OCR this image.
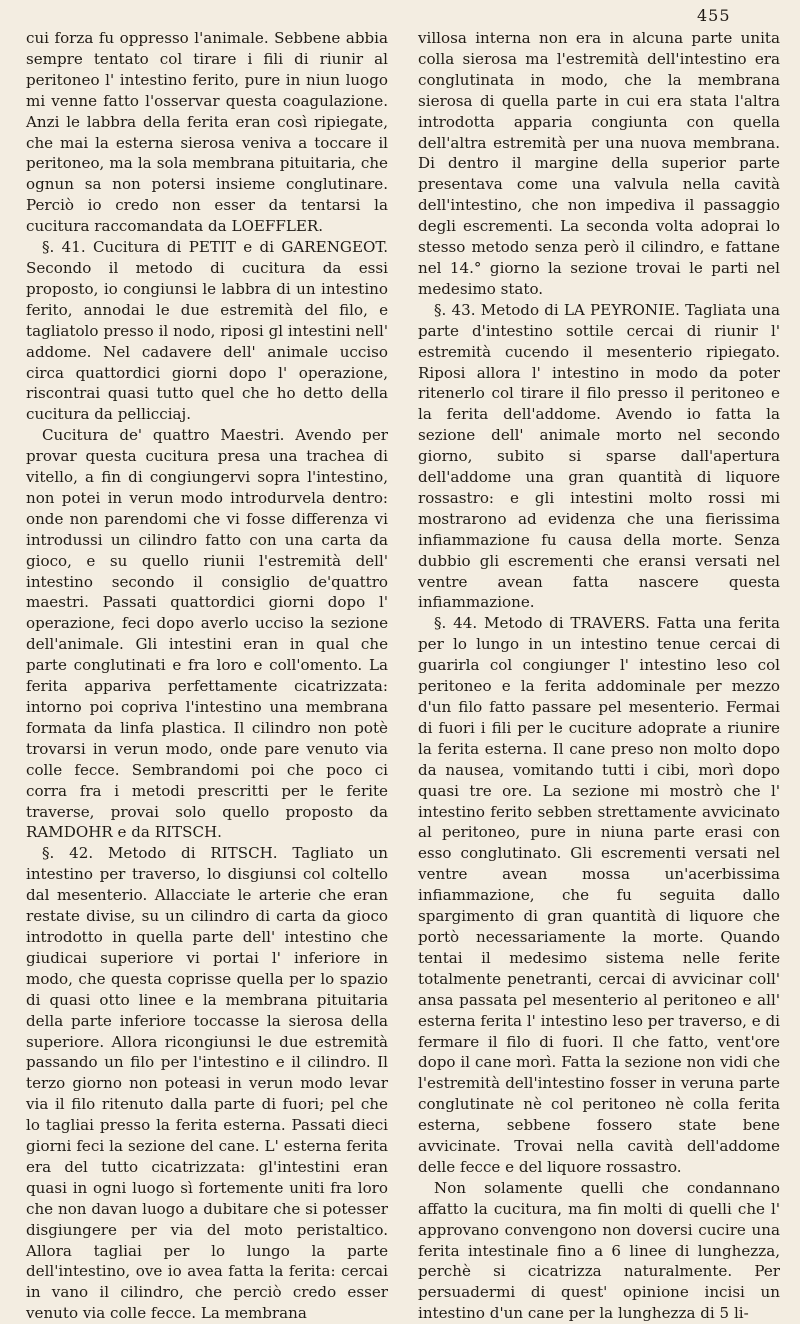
455

cui forza fu oppresso l'animale. Sebbene abbia sempre tentato col tirare i fili di riunir al peritoneo l' intestino ferito, pure in niun luogo mi venne fatto l'osservar questa coagulazione. Anzi le labbra della ferita eran così ripiegate, che mai la esterna sierosa veniva a toccare il peritoneo, ma la sola membrana pituitaria, che ognun sa non potersi insieme conglutinare. Perciò io credo non esser da tentarsi la cucitura raccomandata da LOEFFLER.

§. 41. Cucitura di PETIT e di GARENGEOT. Secondo il metodo di cucitura da essi proposto, io congiunsi le labbra di un intestino ferito, annodai le due estremità del filo, e tagliatolo presso il nodo, riposi gl intestini nell' addome. Nel cadavere dell' animale ucciso circa quattordici giorni dopo l' operazione, riscontrai quasi tutto quel che ho detto della cucitura da pellicciaj.

Cucitura de' quattro Maestri. Avendo per provar questa cucitura presa una trachea di vitello, a fin di congiungervi sopra l'intestino, non potei in verun modo introdurvela dentro: onde non parendomi che vi fosse differenza vi introdussi un cilindro fatto con una carta da gioco, e su quello riunii l'estremità dell' intestino secondo il consiglio de'quattro maestri. Passati quattordici giorni dopo l' operazione, feci dopo averlo ucciso la sezione dell'animale. Gli intestini eran in qual che parte conglutinati e fra loro e coll'omento. La ferita appariva perfettamente cicatrizzata: intorno poi copriva l'intestino una membrana formata da linfa plastica. Il cilindro non potè trovarsi in verun modo, onde pare venuto via colle fecce. Sembrandomi poi che poco ci corra fra i metodi prescritti per le ferite traverse, provai solo quello proposto da RAMDOHR e da RITSCH.

§. 42. Metodo di RITSCH. Tagliato un intestino per traverso, lo disgiunsi col coltello dal mesenterio. Allacciate le arterie che eran restate divise, su un cilindro di carta da gioco introdotto in quella parte dell' intestino che giudicai superiore vi portai l' inferiore in modo, che questa coprisse quella per lo spazio di quasi otto linee e la membrana pituitaria della parte inferiore toccasse la sierosa della superiore. Allora ricongiunsi le due estremità passando un filo per l'intestino e il cilindro. Il terzo giorno non poteasi in verun modo levar via il filo ritenuto dalla parte di fuori; pel che lo tagliai presso la ferita esterna. Passati dieci giorni feci la sezione del cane. L' esterna ferita era del tutto cicatrizzata: gl'intestini eran quasi in ogni luogo sì fortemente uniti fra loro che non davan luogo a dubitare che si potesser disgiungere per via del moto peristaltico. Allora tagliai per lo lungo la parte dell'intestino, ove io avea fatta la ferita: cercai in vano il cilindro, che perciò credo esser venuto via colle fecce. La membrana

villosa interna non era in alcuna parte unita colla sierosa ma l'estremità dell'intestino era conglutinata in modo, che la membrana sierosa di quella parte in cui era stata l'altra introdotta apparia congiunta con quella dell'altra estremità per una nuova membrana. Di dentro il margine della superior parte presentava come una valvula nella cavità dell'intestino, che non impediva il passaggio degli escrementi. La seconda volta adoprai lo stesso metodo senza però il cilindro, e fattane nel 14.° giorno la sezione trovai le parti nel medesimo stato.

§. 43. Metodo di LA PEYRONIE. Tagliata una parte d'intestino sottile cercai di riunir l' estremità cucendo il mesenterio ripiegato. Riposi allora l' intestino in modo da poter ritenerlo col tirare il filo presso il peritoneo e la ferita dell'addome. Avendo io fatta la sezione dell' animale morto nel secondo giorno, subito si sparse dall'apertura dell'addome una gran quantità di liquore rossastro: e gli intestini molto rossi mi mostrarono ad evidenza che una fierissima infiammazione fu causa della morte. Senza dubbio gli escrementi che eransi versati nel ventre avean fatta nascere questa infiammazione.

§. 44. Metodo di TRAVERS. Fatta una ferita per lo lungo in un intestino tenue cercai di guarirla col congiunger l' intestino leso col peritoneo e la ferita addominale per mezzo d'un filo fatto passare pel mesenterio. Fermai di fuori i fili per le cuciture adoprate a riunire la ferita esterna. Il cane preso non molto dopo da nausea, vomitando tutti i cibi, morì dopo quasi tre ore. La sezione mi mostrò che l' intestino ferito sebben strettamente avvicinato al peritoneo, pure in niuna parte erasi con esso conglutinato. Gli escrementi versati nel ventre avean mossa un'acerbissima infiammazione, che fu seguita dallo spargimento di gran quantità di liquore che portò necessariamente la morte. Quando tentai il medesimo sistema nelle ferite totalmente penetranti, cercai di avvicinar coll' ansa passata pel mesenterio al peritoneo e all' esterna ferita l' intestino leso per traverso, e di fermare il filo di fuori. Il che fatto, vent'ore dopo il cane morì. Fatta la sezione non vidi che l'estremità dell'intestino fosser in veruna parte conglutinate nè col peritoneo nè colla ferita esterna, sebbene fossero state bene avvicinate. Trovai nella cavità dell'addome delle fecce e del liquore rossastro.

Non solamente quelli che condannano affatto la cucitura, ma fin molti di quelli che l' approvano convengono non doversi cucire una ferita intestinale fino a 6 linee di lunghezza, perchè si cicatrizza naturalmente. Per persuadermi di quest' opinione incisi un intestino d'un cane per la lunghezza di 5 li-
